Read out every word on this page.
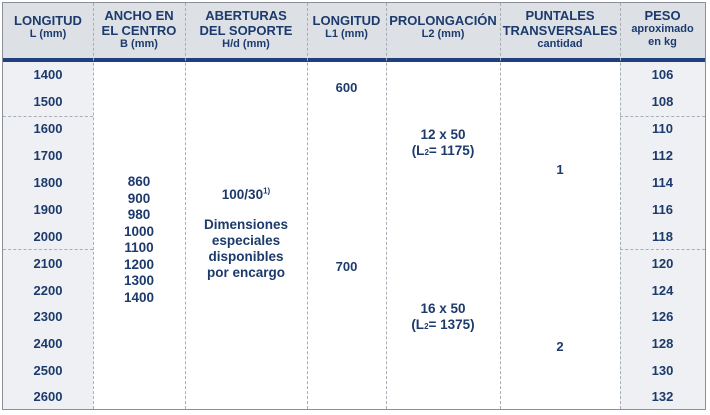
LONGITUD
L (mm)
ANCHO EN
EL CENTRO
B (mm)
ABERTURAS
DEL SOPORTE
H/d (mm)
LONGITUD
L1 (mm)
PROLONGACIÓN
L2 (mm)
PUNTALES
TRANSVERSALES
cantidad
PESO
aproximado
en kg
1400
1500
1600
1700
1800
1900
2000
2100
2200
2300
2400
2500
2600
106
108
110
112
114
116
118
120
124
126
128
130
132
860
900
980
1000
1100
1200
1300
1400
100/30$^{1)}$
Dimensiones
especiales
disponibles
por encargo
600
700
12 x 50
(L2= 1175)
16 x 50
(L2= 1375)
1
2
